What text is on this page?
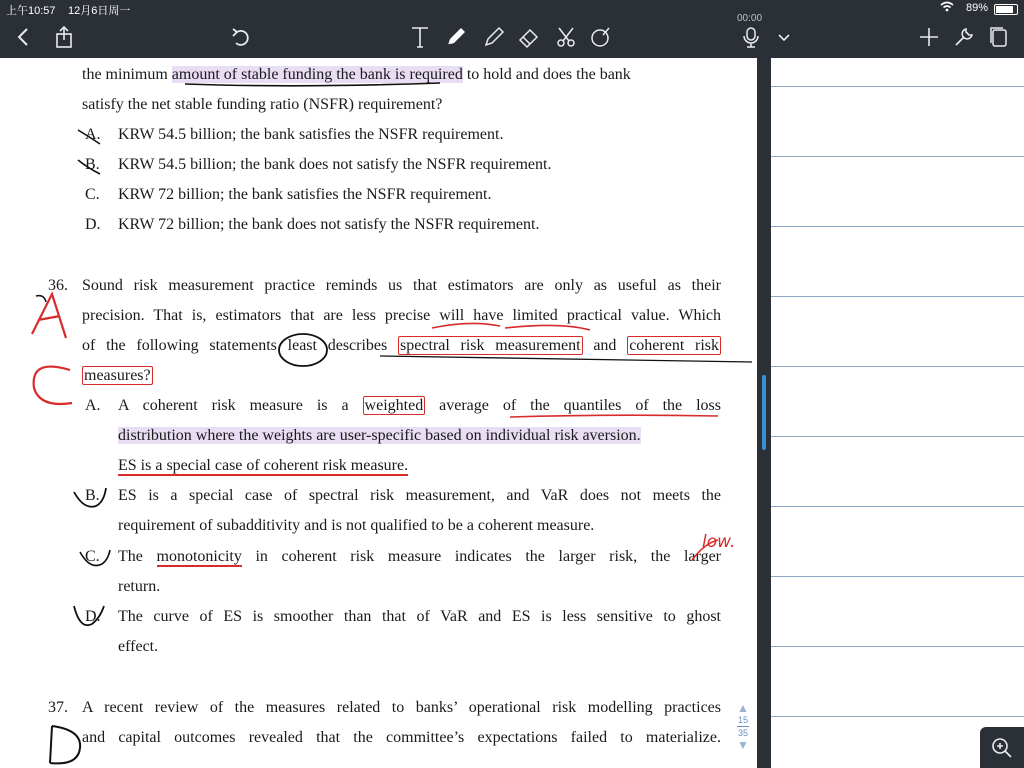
上午10:57 12月6日周一	89%
00:00
the minimum amount of stable funding the bank is required to hold and does the bank
satisfy the net stable funding ratio (NSFR) requirement?
A. KRW 54.5 billion; the bank satisfies the NSFR requirement.
B. KRW 54.5 billion; the bank does not satisfy the NSFR requirement.
C. KRW 72 billion; the bank satisfies the NSFR requirement.
D. KRW 72 billion; the bank does not satisfy the NSFR requirement.
36. Sound risk measurement practice reminds us that estimators are only as useful as their
precision. That is, estimators that are less precise will have limited practical value. Which
of the following statements least describes spectral risk measurement and coherent risk
measures?
A. A coherent risk measure is a weighted average of the quantiles of the loss
distribution where the weights are user-specific based on individual risk aversion.
ES is a special case of coherent risk measure.
B. ES is a special case of spectral risk measurement, and VaR does not meets the
requirement of subadditivity and is not qualified to be a coherent measure.
C. The monotonicity in coherent risk measure indicates the larger risk, the larger
return.
D. The curve of ES is smoother than that of VaR and ES is less sensitive to ghost
effect.
37. A recent review of the measures related to banks’ operational risk modelling practices
and capital outcomes revealed that the committee’s expectations failed to materialize.
low.
▲
15
35
▼
